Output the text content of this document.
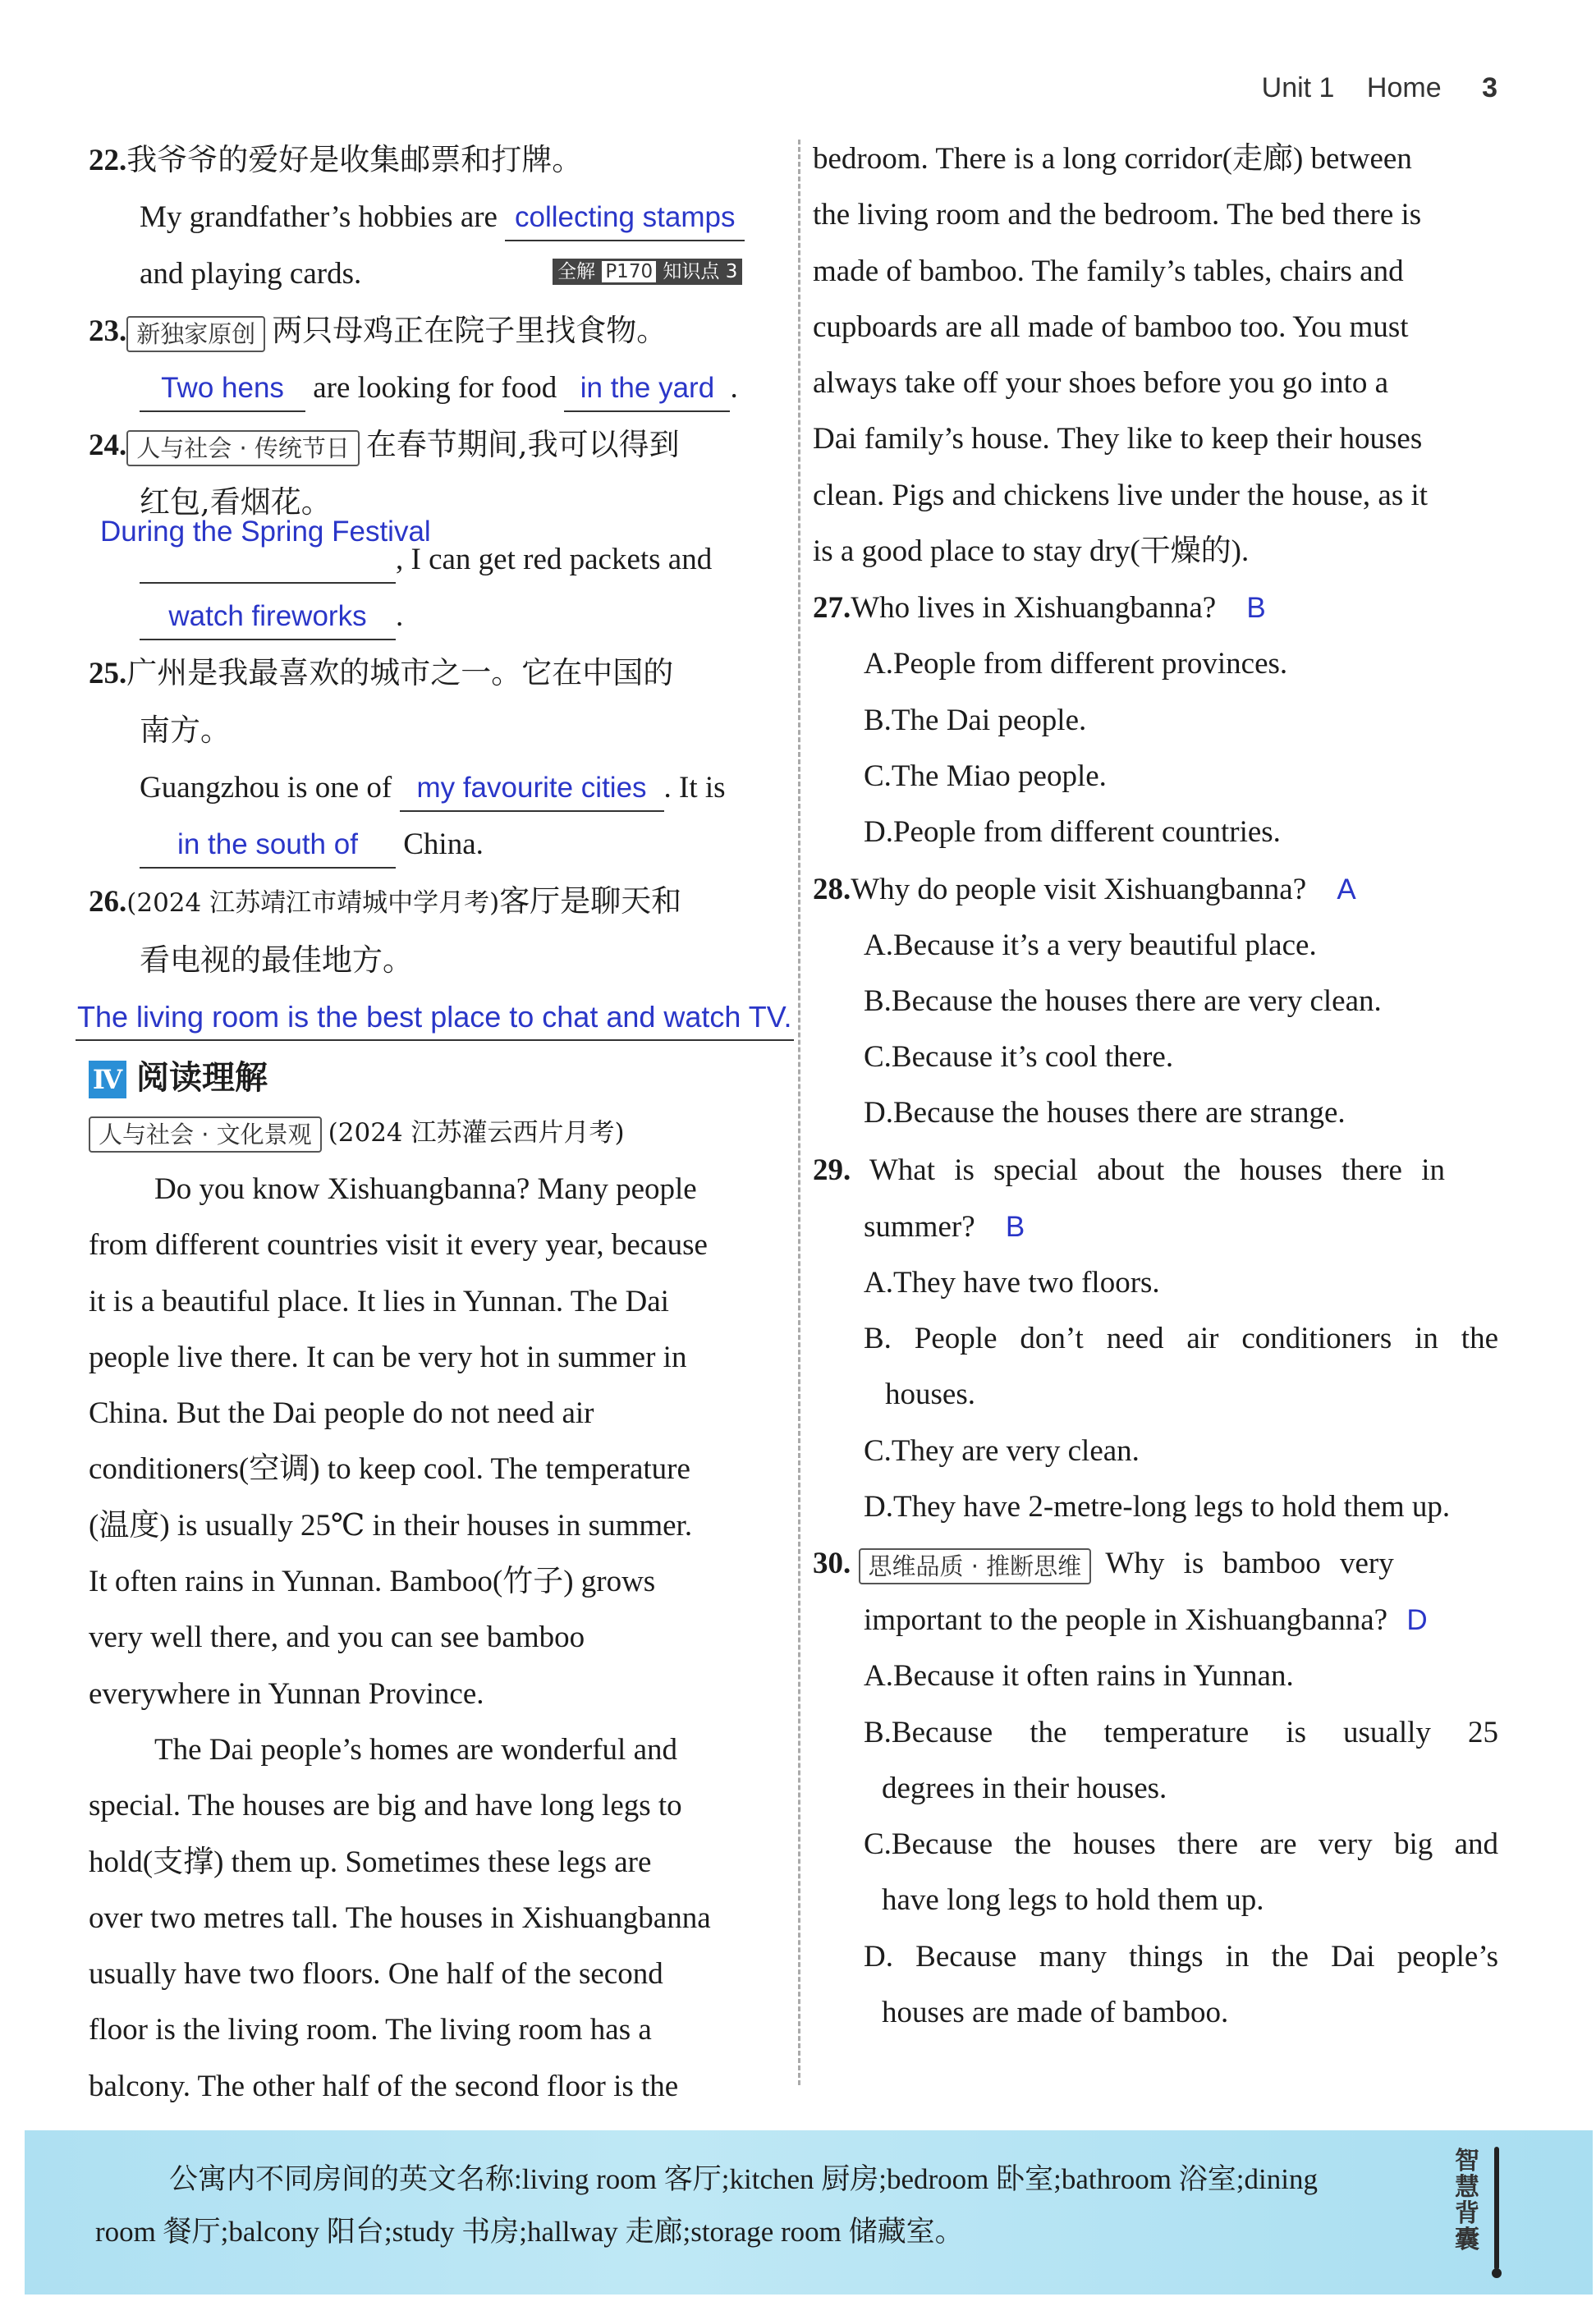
Unit 1 Home 3

22.我爷爷的爱好是收集邮票和打牌。

My grandfather’s hobbies are collecting stamps

and playing cards.	全解 P170 知识点 3

23. 新独家原创 两只母鸡正在院子里找食物。

Two hens are looking for food in the yard .

24. 人与社会 · 传统节日 在春节期间,我可以得到

红包,看烟花。

, I can get red packets and
During the Spring Festival

watch fireworks .

25.广州是我最喜欢的城市之一。它在中国的

南方。

Guangzhou is one of my favourite cities . It is

in the south of China.

26.(2024 江苏靖江市靖城中学月考)客厅是聊天和

看电视的最佳地方。

The living room is the best place to chat and watch TV.

Ⅳ 阅读理解

人与社会 · 文化景观 (2024 江苏灌云西片月考)

Do you know Xishuangbanna? Many people

from different countries visit it every year, because

it is a beautiful place. It lies in Yunnan. The Dai

people live there. It can be very hot in summer in

China. But the Dai people do not need air

conditioners(空调) to keep cool. The temperature

(温度) is usually 25℃ in their houses in summer.

It often rains in Yunnan. Bamboo(竹子) grows

very well there, and you can see bamboo

everywhere in Yunnan Province.

The Dai people’s homes are wonderful and

special. The houses are big and have long legs to

hold(支撑) them up. Sometimes these legs are

over two metres tall. The houses in Xishuangbanna

usually have two floors. One half of the second

floor is the living room. The living room has a

balcony. The other half of the second floor is the

bedroom. There is a long corridor(走廊) between

the living room and the bedroom. The bed there is

made of bamboo. The family’s tables, chairs and

cupboards are all made of bamboo too. You must

always take off your shoes before you go into a

Dai family’s house. They like to keep their houses

clean. Pigs and chickens live under the house, as it

is a good place to stay dry(干燥的).

27.Who lives in Xishuangbanna? B

A.People from different provinces.

B.The Dai people.

C.The Miao people.

D.People from different countries.

28.Why do people visit Xishuangbanna? A

A.Because it’s a very beautiful place.

B.Because the houses there are very clean.

C.Because it’s cool there.

D.Because the houses there are strange.

29. What is special about the houses there in

summer? B

A.They have two floors.

B. People don’t need air conditioners in the

houses.

C.They are very clean.

D.They have 2-metre-long legs to hold them up.

30. 思维品质 · 推断思维 Why is bamboo very

important to the people in Xishuangbanna? D

A.Because it often rains in Yunnan.

B.Because the temperature is usually 25

degrees in their houses.

C.Because the houses there are very big and

have long legs to hold them up.

D. Because many things in the Dai people’s

houses are made of bamboo.

公寓内不同房间的英文名称:living room 客厅;kitchen 厨房;bedroom 卧室;bathroom 浴室;dining
room 餐厅;balcony 阳台;study 书房;hallway 走廊;storage room 储藏室。
智
慧
背
囊
